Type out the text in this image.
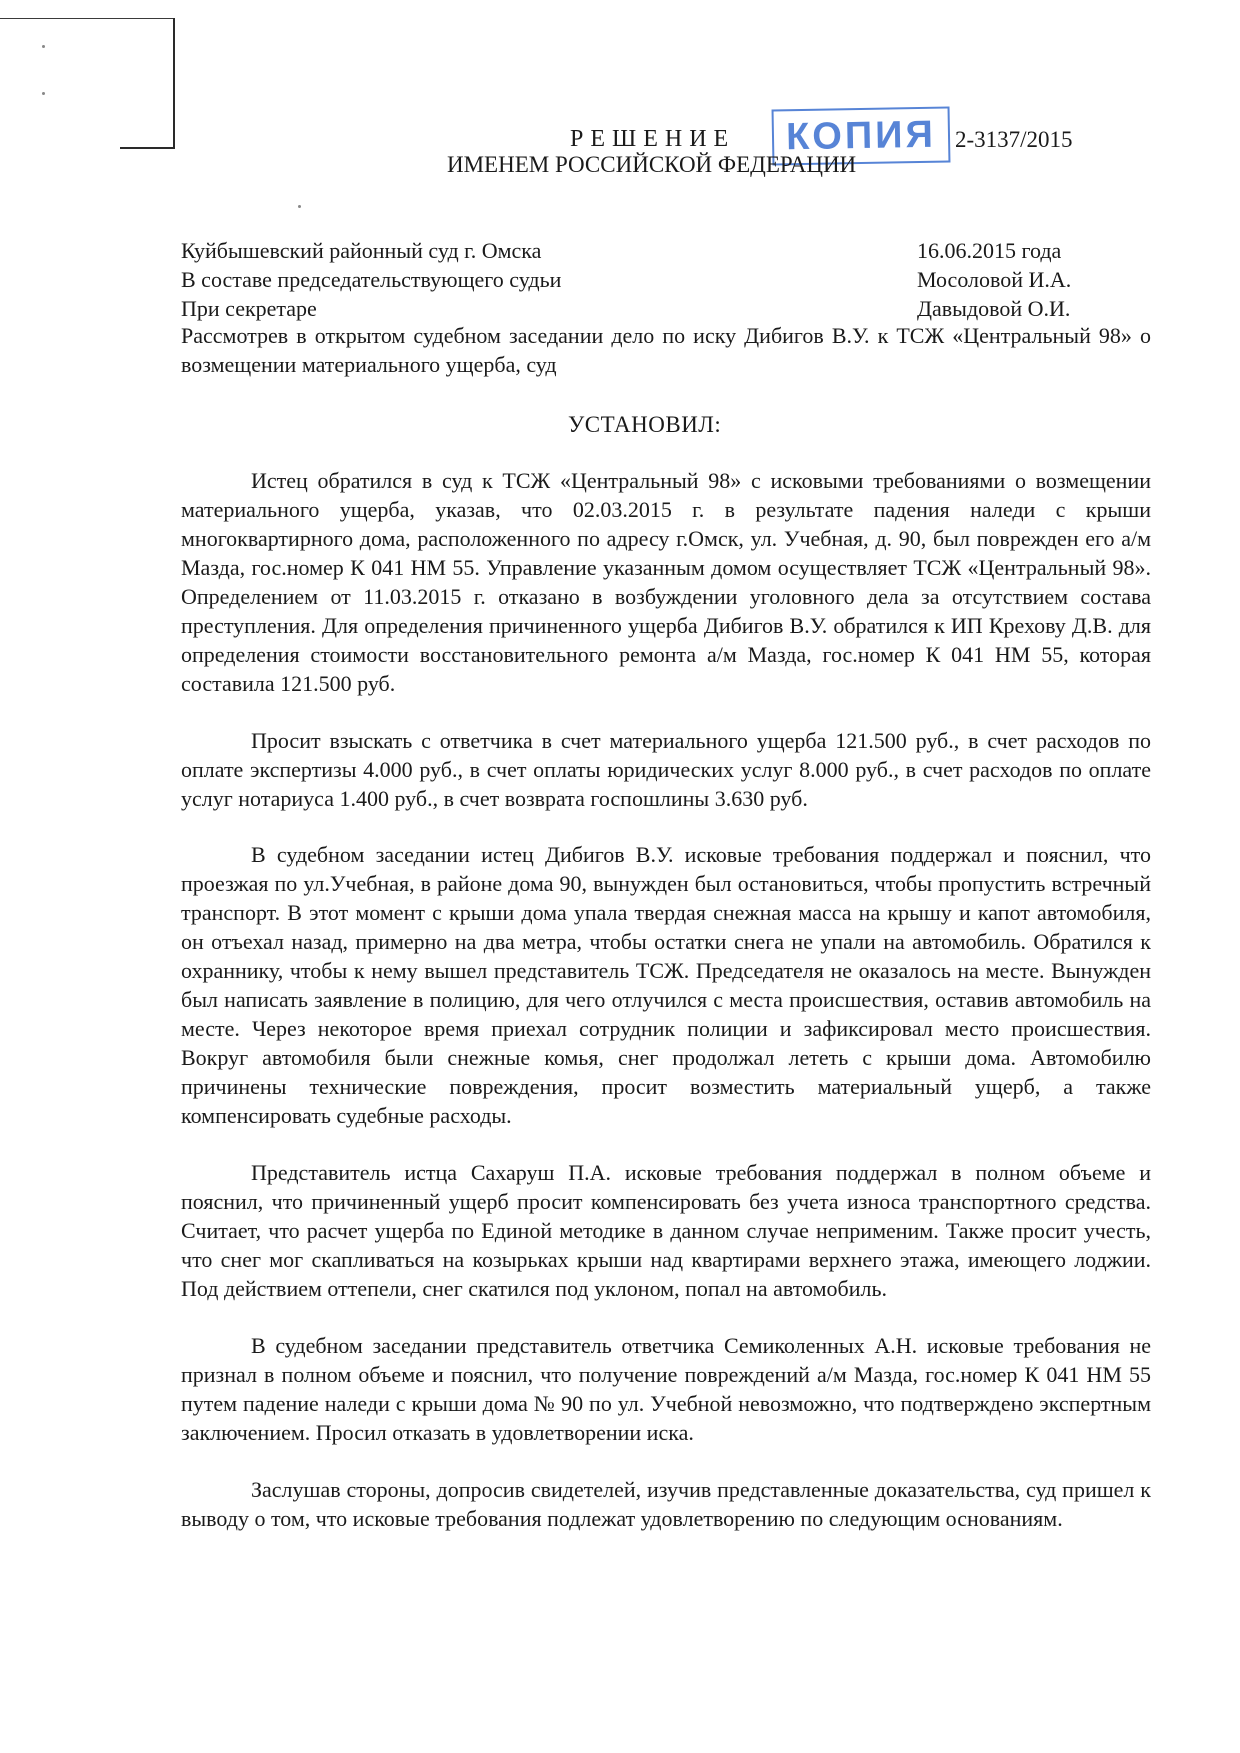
РЕШЕНИЕ	КОПИЯ 2-3137/2015
ИМЕНЕМ РОССИЙСКОЙ ФЕДЕРАЦИИ
Куйбышевский районный суд г. Омска	16.06.2015 года
В составе председательствующего судьи	Мосоловой И.А.
При секретаре	Давыдовой О.И.
Рассмотрев в открытом судебном заседании дело по иску Дибигов В.У. к ТСЖ «Центральный 98» о возмещении материального ущерба, суд
УСТАНОВИЛ:
Истец обратился в суд к ТСЖ «Центральный 98» с исковыми требованиями о возмещении материального ущерба, указав, что 02.03.2015 г. в результате падения наледи с крыши многоквартирного дома, расположенного по адресу г.Омск, ул. Учебная, д. 90, был поврежден его а/м Мазда, гос.номер К 041 НМ 55. Управление указанным домом осуществляет ТСЖ «Центральный 98». Определением от 11.03.2015 г. отказано в возбуждении уголовного дела за отсутствием состава преступления. Для определения причиненного ущерба Дибигов В.У. обратился к ИП Крехову Д.В. для определения стоимости восстановительного ремонта а/м Мазда, гос.номер К 041 НМ 55, которая составила 121.500 руб.
Просит взыскать с ответчика в счет материального ущерба 121.500 руб., в счет расходов по оплате экспертизы 4.000 руб., в счет оплаты юридических услуг 8.000 руб., в счет расходов по оплате услуг нотариуса 1.400 руб., в счет возврата госпошлины 3.630 руб.
В судебном заседании истец Дибигов В.У. исковые требования поддержал и пояснил, что проезжая по ул.Учебная, в районе дома 90, вынужден был остановиться, чтобы пропустить встречный транспорт. В этот момент с крыши дома упала твердая снежная масса на крышу и капот автомобиля, он отъехал назад, примерно на два метра, чтобы остатки снега не упали на автомобиль. Обратился к охраннику, чтобы к нему вышел представитель ТСЖ. Председателя не оказалось на месте. Вынужден был написать заявление в полицию, для чего отлучился с места происшествия, оставив автомобиль на месте. Через некоторое время приехал сотрудник полиции и зафиксировал место происшествия. Вокруг автомобиля были снежные комья, снег продолжал лететь с крыши дома. Автомобилю причинены технические повреждения, просит возместить материальный ущерб, а также компенсировать судебные расходы.
Представитель истца Сахаруш П.А. исковые требования поддержал в полном объеме и пояснил, что причиненный ущерб просит компенсировать без учета износа транспортного средства. Считает, что расчет ущерба по Единой методике в данном случае неприменим. Также просит учесть, что снег мог скапливаться на козырьках крыши над квартирами верхнего этажа, имеющего лоджии. Под действием оттепели, снег скатился под уклоном, попал на автомобиль.
В судебном заседании представитель ответчика Семиколенных А.Н. исковые требования не признал в полном объеме и пояснил, что получение повреждений а/м Мазда, гос.номер К 041 НМ 55 путем падение наледи с крыши дома № 90 по ул. Учебной невозможно, что подтверждено экспертным заключением. Просил отказать в удовлетворении иска.
Заслушав стороны, допросив свидетелей, изучив представленные доказательства, суд пришел к выводу о том, что исковые требования подлежат удовлетворению по следующим основаниям.
